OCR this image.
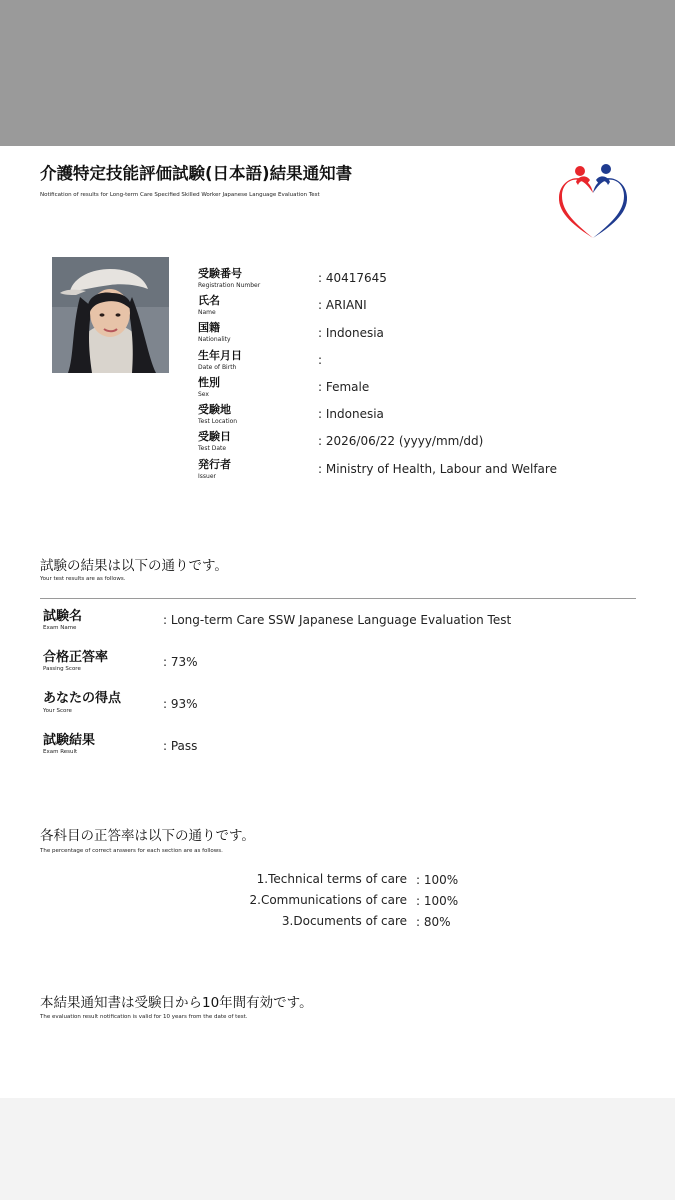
介護特定技能評価試験(日本語)結果通知書
Notification of results for Long-term Care Specified Skilled Worker Japanese Language Evaluation Test
受験番号
Registration Number
: 40417645
氏名
Name
: ARIANI
国籍
Nationality	: Indonesia
生年月日
Date of Birth
:
性別
Sex
: Female
受験地
Test Location
: Indonesia
受験日
Test Date
: 2026/06/22 (yyyy/mm/dd)
発行者
Issuer
: Ministry of Health, Labour and Welfare
試験の結果は以下の通りです。
Your test results are as follows.
試験名
Exam Name
: Long-term Care SSW Japanese Language Evaluation Test
合格正答率
Passing Score	: 73%
あなたの得点
Your Score	: 93%
試験結果
Exam Result	: Pass
各科目の正答率は以下の通りです。
The percentage of correct answers for each section are as follows.
1.Technical terms of care : 100%
2.Communications of care : 100%
3.Documents of care : 80%
本結果通知書は受験日から10年間有効です。
The evaluation result notification is valid for 10 years from the date of test.
